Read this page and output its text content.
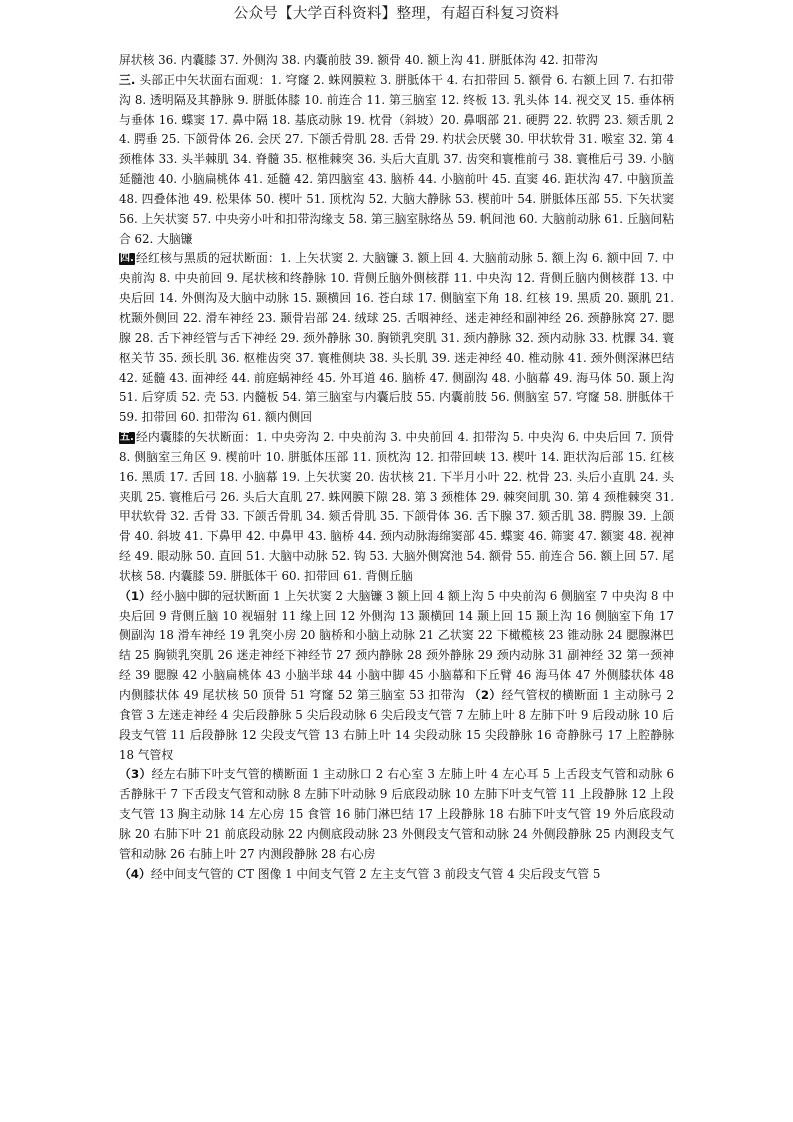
公众号【大学百科资料】整理，有超百科复习资料

屏状核 36. 内囊膝 37. 外侧沟 38. 内囊前肢 39. 额骨 40. 额上沟 41. 胼胝体沟 42. 扣带沟

三. 头部正中矢状面右面观：1. 穹窿 2. 蛛网膜粒 3. 胼胝体干 4. 右扣带回 5. 额骨 6. 右额上回 7. 右扣带沟 8. 透明隔及其静脉 9. 胼胝体膝 10. 前连合 11. 第三脑室 12. 终板 13. 乳头体 14. 视交叉 15. 垂体柄与垂体 16. 蝶窦 17. 鼻中隔 18. 基底动脉 19. 枕骨（斜坡）20. 鼻咽部 21. 硬腭 22. 软腭 23. 颏舌肌 24. 腭垂 25. 下颌骨体 26. 会厌 27. 下颌舌骨肌 28. 舌骨 29. 杓状会厌襞 30. 甲状软骨 31. 喉室 32. 第 4 颈椎体 33. 头半棘肌 34. 脊髓 35. 枢椎棘突 36. 头后大直肌 37. 齿突和寰椎前弓 38. 寰椎后弓 39. 小脑延髓池 40. 小脑扁桃体 41. 延髓 42. 第四脑室 43. 脑桥 44. 小脑前叶 45. 直窦 46. 距状沟 47. 中脑顶盖 48. 四叠体池 49. 松果体 50. 楔叶 51. 顶枕沟 52. 大脑大静脉 53. 楔前叶 54. 胼胝体压部 55. 下矢状窦 56. 上矢状窦 57. 中央旁小叶和扣带沟缘支 58. 第三脑室脉络丛 59. 帆间池 60. 大脑前动脉 61. 丘脑间粘合 62. 大脑镰

四. 经红核与黑质的冠状断面：1. 上矢状窦 2. 大脑镰 3. 额上回 4. 大脑前动脉 5. 额上沟 6. 额中回 7. 中央前沟 8. 中央前回 9. 尾状核和终静脉 10. 背侧丘脑外侧核群 11. 中央沟 12. 背侧丘脑内侧核群 13. 中央后回 14. 外侧沟及大脑中动脉 15. 颞横回 16. 苍白球 17. 侧脑室下角 18. 红核 19. 黑质 20. 颞肌 21. 枕颞外侧回 22. 滑车神经 23. 颞骨岩部 24. 绒球 25. 舌咽神经、迷走神经和副神经 26. 颈静脉窝 27. 腮腺 28. 舌下神经管与舌下神经 29. 颈外静脉 30. 胸锁乳突肌 31. 颈内静脉 32. 颈内动脉 33. 枕髁 34. 寰枢关节 35. 颈长肌 36. 枢椎齿突 37. 寰椎侧块 38. 头长肌 39. 迷走神经 40. 椎动脉 41. 颈外侧深淋巴结 42. 延髓 43. 面神经 44. 前庭蜗神经 45. 外耳道 46. 脑桥 47. 侧副沟 48. 小脑幕 49. 海马体 50. 颞上沟 51. 后穿质 52. 壳 53. 内髓板 54. 第三脑室与内囊后肢 55. 内囊前肢 56. 侧脑室 57. 穹窿 58. 胼胝体干 59. 扣带回 60. 扣带沟 61. 额内侧回

五. 经内囊膝的矢状断面：1. 中央旁沟 2. 中央前沟 3. 中央前回 4. 扣带沟 5. 中央沟 6. 中央后回 7. 顶骨 8. 侧脑室三角区 9. 楔前叶 10. 胼胝体压部 11. 顶枕沟 12. 扣带回峡 13. 楔叶 14. 距状沟后部 15. 红核 16. 黑质 17. 舌回 18. 小脑幕 19. 上矢状窦 20. 齿状核 21. 下半月小叶 22. 枕骨 23. 头后小直肌 24. 头夹肌 25. 寰椎后弓 26. 头后大直肌 27. 蛛网膜下隙 28. 第 3 颈椎体 29. 棘突间肌 30. 第 4 颈椎棘突 31. 甲状软骨 32. 舌骨 33. 下颌舌骨肌 34. 颏舌骨肌 35. 下颌骨体 36. 舌下腺 37. 颏舌肌 38. 腭腺 39. 上颌骨 40. 斜坡 41. 下鼻甲 42. 中鼻甲 43. 脑桥 44. 颈内动脉海绵窦部 45. 蝶窦 46. 筛窦 47. 额窦 48. 视神经 49. 眼动脉 50. 直回 51. 大脑中动脉 52. 钩 53. 大脑外侧窝池 54. 额骨 55. 前连合 56. 额上回 57. 尾状核 58. 内囊膝 59. 胼胝体干 60. 扣带回 61. 背侧丘脑

（1）经小脑中脚的冠状断面 1 上矢状窦 2 大脑镰 3 额上回 4 额上沟 5 中央前沟 6 侧脑室 7 中央沟 8 中央后回 9 背侧丘脑 10 视辐射 11 缘上回 12 外侧沟 13 颞横回 14 颞上回 15 颞上沟 16 侧脑室下角 17 侧副沟 18 滑车神经 19 乳突小房 20 脑桥和小脑上动脉 21 乙状窦 22 下橄榄核 23 锥动脉 24 腮腺淋巴结 25 胸锁乳突肌 26 迷走神经下神经节 27 颈内静脉 28 颈外静脉 29 颈内动脉 31 副神经 32 第一颈神经 39 腮腺 42 小脑扁桃体 43 小脑半球 44 小脑中脚 45 小脑幕和下丘臂 46 海马体 47 外侧膝状体 48 内侧膝状体 49 尾状核 50 顶骨 51 穹窿 52 第三脑室 53 扣带沟 （2）经气管杈的横断面 1 主动脉弓 2 食管 3 左迷走神经 4 尖后段静脉 5 尖后段动脉 6 尖后段支气管 7 左肺上叶 8 左肺下叶 9 后段动脉 10 后段支气管 11 后段静脉 12 尖段支气管 13 右肺上叶 14 尖段动脉 15 尖段静脉 16 奇静脉弓 17 上腔静脉 18 气管杈

（3）经左右肺下叶支气管的横断面 1 主动脉口 2 右心室 3 左肺上叶 4 左心耳 5 上舌段支气管和动脉 6 舌静脉干 7 下舌段支气管和动脉 8 左肺下叶动脉 9 后底段动脉 10 左肺下叶支气管 11 上段静脉 12 上段支气管 13 胸主动脉 14 左心房 15 食管 16 肺门淋巴结 17 上段静脉 18 右肺下叶支气管 19 外后底段动脉 20 右肺下叶 21 前底段动脉 22 内侧底段动脉 23 外侧段支气管和动脉 24 外侧段静脉 25 内测段支气管和动脉 26 右肺上叶 27 内测段静脉 28 右心房

（4）经中间支气管的 CT 图像 1 中间支气管 2 左主支气管 3 前段支气管 4 尖后段支气管 5
